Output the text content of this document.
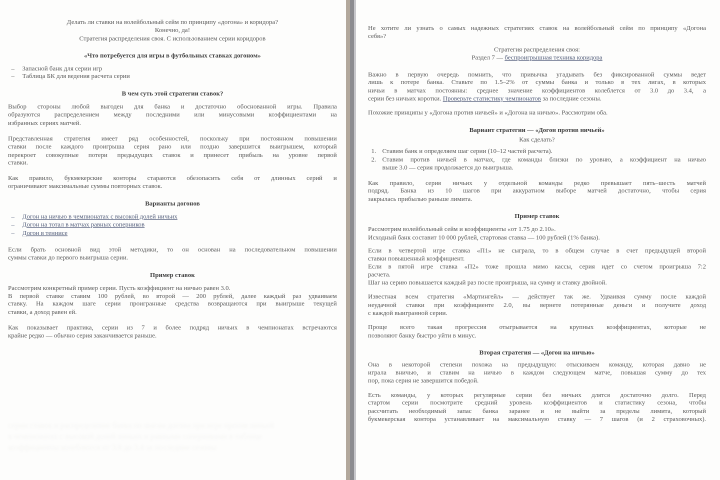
Делать ли ставки на волейбольный сейм по принципу «догона» и коридора?
Конечно, да!
Стратегия распределения своя. С использованием серии коридоров
«Что потребуется для игры в футбольных ставках догоном»
– Запасной банк для серии игр
– Таблица БК для ведения расчета серии
В чем суть этой стратегии ставок?
Выбор стороны любой выгоден для банка и достаточно обоснованной игры. Правила
образуются распределением между последними или минусовыми коэффициентами на
избранных сериях матчей.
Представленная стратегия имеет ряд особенностей, поскольку при постоянном повышении
ставки после каждого проигрыша серия рано или поздно завершится выигрышем, который
перекроет совокупные потери предыдущих ставок и принесет прибыль на уровне первой
ставки.
Как правило, букмекерские конторы стараются обезопасить себя от длинных серий и
ограничивают максимальные суммы повторных ставок.
Варианты догонов
– Догон на ничью в чемпионатах с высокой долей ничьих
– Догон на тотал в матчах равных соперников
– Догон в теннисе
Если брать основной вид этой методики, то он основан на последовательном повышении
суммы ставки до первого выигрыша серии.
Пример ставок
Рассмотрим конкретный пример серии. Пусть коэффициент на ничью равен 3.0.
В первой ставке ставим 100 рублей, во второй — 200 рублей, далее каждый раз удваиваем
ставку. На каждом шаге серии проигранные средства возвращаются при выигрыше текущей
ставки, а доход равен ей.
Как показывает практика, серии из 7 и более подряд ничьих в чемпионатах встречаются
крайне редко — обычно серия заканчивается раньше.
Не хотите ли узнать о самых надежных стратегиях ставок на волейбольный сейм по принципу «Догона
себя»?
Стратегия распределения своя:
Раздел 7 — беспроигрышная техника коридора
Важно в первую очередь помнить, что привычка угадывать без фиксированной суммы ведет
лишь к потере банка. Ставьте по 1.5–2% от суммы банка и только в тех лигах, в которых
ничьи в матчах постоянны: среднее значение коэффициентов колеблется от 3.0 до 3.4, а
серии без ничьих коротки. Проверьте статистику чемпионатов за последние сезоны.
Похожие принципы у «Догона против ничьей» и «Догона на ничью». Рассмотрим оба.
Вариант стратегии — «Догон против ничьей»
Как сделать?
1. Ставим банк и определяем шаг серии (10–12 частей расчета).
2. Ставим против ничьей в матчах, где команды близки по уровню, а коэффициент на ничью
выше 3.0 — серия продолжается до выигрыша.
Как правило, серия ничьих у отдельной команды редко превышает пять–шесть матчей
подряд. Банка из 10 шагов при аккуратном выборе матчей достаточно, чтобы серия
закрылась прибылью раньше лимита.
Пример ставок
Рассмотрим волейбольный сейм и коэффициенты «от 1.75 до 2.10».
Исходный банк составит 10 000 рублей, стартовая ставка — 100 рублей (1% банка).
Если в четвертой игре ставка «П1» не сыграла, то в общем случае в счет предыдущей второй
ставки повышенный коэффициент.
Если в пятой игре ставка «П2» тоже прошла мимо кассы, серия идет со счетом проигрыша 7:2
расчета.
Шаг на серию повышается каждый раз после проигрыша, на сумму и ставку двойной.
Известная всем стратегия «Мартингейл» — действует так же. Удваивая сумму после каждой
неудачной ставки при коэффициенте 2.0, вы вернете потерянные деньги и получите доход
с каждой выигранной серии.
Проще всего такая прогрессия отыгрывается на крупных коэффициентах, которые не
позволяют банку быстро уйти в минус.
Вторая стратегия — «Догон на ничью»
Она в некоторой степени похожа на предыдущую: отыскиваем команду, которая давно не
играла вничью, и ставим на ничью в каждом следующем матче, повышая сумму до тех
пор, пока серия не завершится победой.
Есть команды, у которых регулярные серии без ничьих длятся достаточно долго. Перед
стартом серии посмотрите средний уровень коэффициентов и статистику сезона, чтобы
рассчитать необходимый запас банка заранее и не выйти за пределы лимита, который
букмекерская контора устанавливает на максимальную ставку — 7 шагов (и 2 страховочных).
серии ставок и распределение банка по шагам догона при игре против ничьей
в чемпионатах с высокой долей ничьих и равными соперниками в таблице
коэффициенты колеблются от 3.0 до 3.4 за последние сезоны
